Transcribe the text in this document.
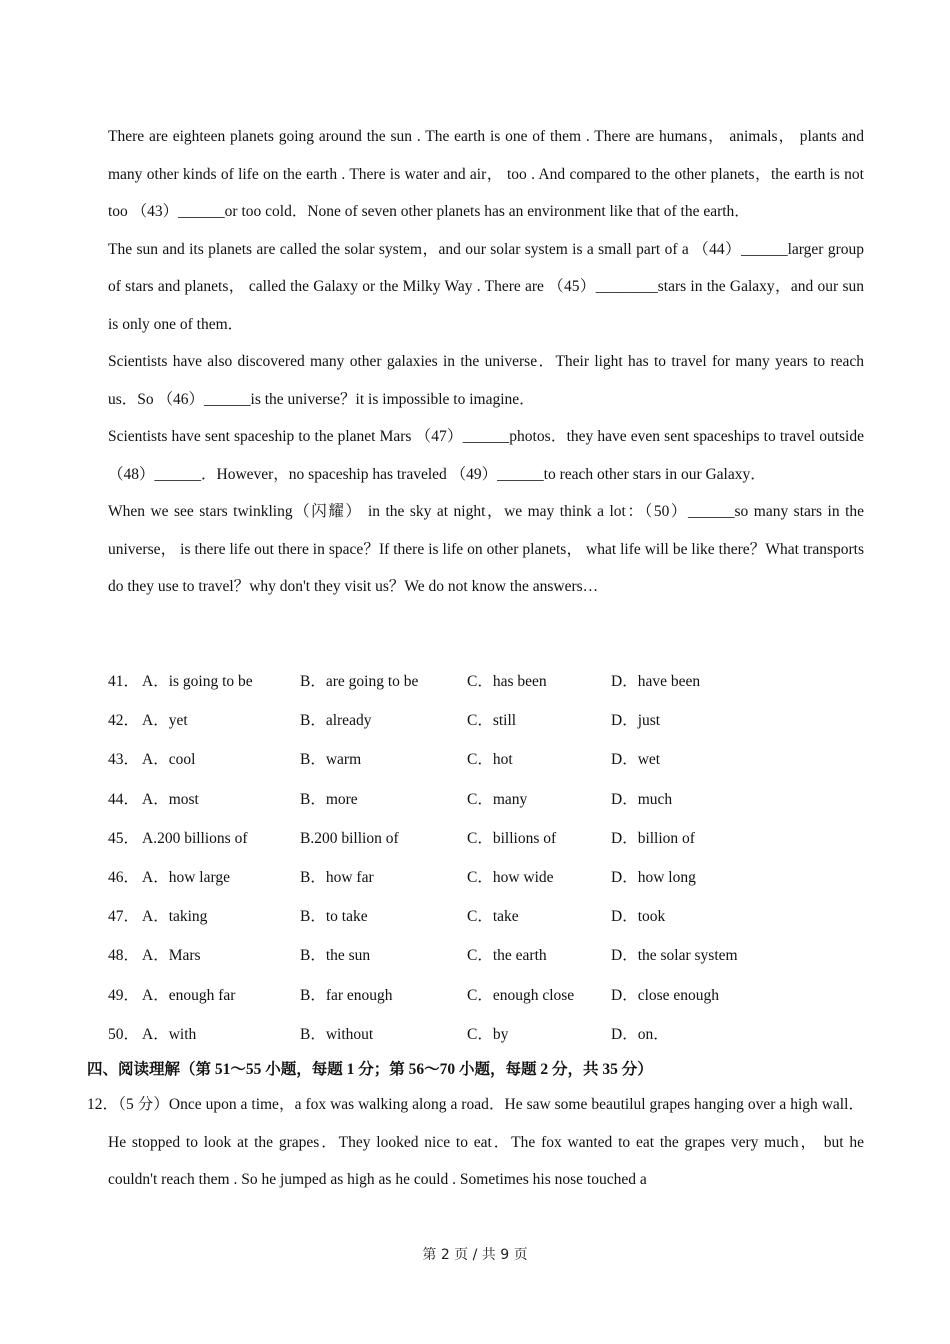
There are eighteen planets going around the sun . The earth is one of them . There are humans， animals， plants and many other kinds of life on the earth . There is water and air， too . And compared to the other planets，the earth is not too （43）______or too cold．None of seven other planets has an environment like that of the earth．

The sun and its planets are called the solar system，and our solar system is a small part of a （44）______larger group of stars and planets， called the Galaxy or the Milky Way . There are （45）________stars in the Galaxy，and our sun is only one of them．

Scientists have also discovered many other galaxies in the universe．Their light has to travel for many years to reach us．So （46）______is the universe？it is impossible to imagine．

Scientists have sent spaceship to the planet Mars （47）______photos．they have even sent spaceships to travel outside （48）______．However，no spaceship has traveled （49）______to reach other stars in our Galaxy．

When we see stars twinkling（闪耀） in the sky at night，we may think a lot：（50）______so many stars in the universe， is there life out there in space？If there is life on other planets， what life will be like there？What transports do they use to travel？why don't they visit us？We do not know the answers…

41． A．is going to be	B．are going to be	C．has been	D．have been
42． A．yet	B．already	C．still	D．just
43． A．cool	B．warm	C．hot	D．wet
44． A．most	B．more	C．many	D．much
45． A.200 billions of	B.200 billion of	C．billions of	D．billion of
46． A．how large	B．how far	C．how wide	D．how long
47． A．taking	B．to take	C．take	D．took
48． A．Mars	B．the sun	C．the earth	D．the solar system
49． A．enough far	B．far enough	C．enough close D．close enough
50． A．with	B．without	C．by	D．on．
四、阅读理解（第 51～55 小题，每题 1 分；第 56～70 小题，每题 2 分，共 35 分）

12．（5 分）Once upon a time，a fox was walking along a road．He saw some beautilul grapes hanging over a high wall．He stopped to look at the grapes．They looked nice to eat．The fox wanted to eat the grapes very much， but he couldn't reach them . So he jumped as high as he could . Sometimes his nose touched a

第 2 页 / 共 9 页
